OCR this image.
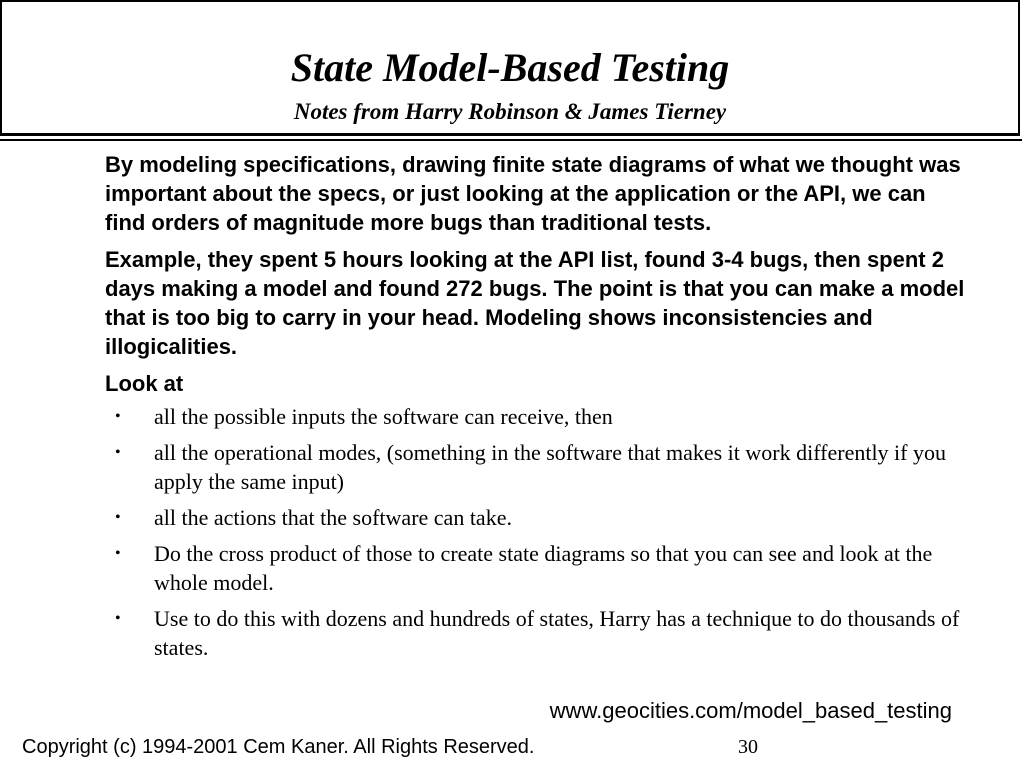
State Model-Based Testing
Notes from Harry Robinson & James Tierney

By modeling specifications, drawing finite state diagrams of what we thought was important about the specs, or just looking at the application or the API, we can find orders of magnitude more bugs than traditional tests.

Example, they spent 5 hours looking at the API list, found 3-4 bugs, then spent 2 days making a model and found 272 bugs. The point is that you can make a model that is too big to carry in your head. Modeling shows inconsistencies and illogicalities.

Look at

• all the possible inputs the software can receive, then
• all the operational modes, (something in the software that makes it work differently if you apply the same input)
• all the actions that the software can take.
• Do the cross product of those to create state diagrams so that you can see and look at the whole model.
• Use to do this with dozens and hundreds of states, Harry has a technique to do thousands of states.
www.geocities.com/model_based_testing
Copyright (c) 1994-2001 Cem Kaner. All Rights Reserved.	30
